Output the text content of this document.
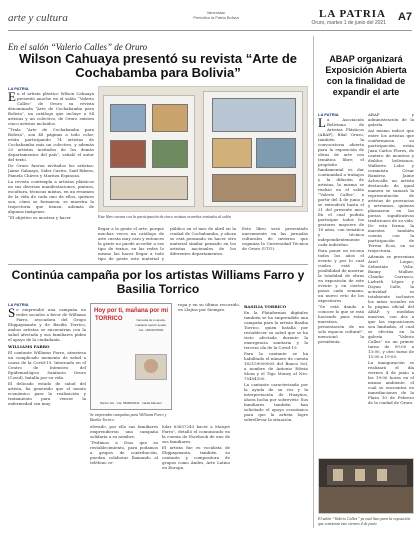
arte y cultura	Vanenstac
Periódico la Patria Bolivia	LA PATRIA
Oruro, martes 1 de junio del 2021 A7
En el salón “Valerio Calles” de Oruro
Wilson Cahuaya presentó su revista “Arte de Cochabamba para Bolivia”
LA PATRIA
E n el artista plástico Wilson Cahuaya presentó anoche en el salón “Valerio Calles” de Oruro su revista denominada “Arte de Cochabamba para Bolivia”, un catálogo que incluye a 94 artistas y un colectivo, de Oruro existen cinco artistas incluidos.

“Trala “Arte de Cochabamba para Bolivia”, son 48 páginas a todo color, están participando 74 artistas de Cochabamba más un colectivo, y además 20 artistas invitados de los demás departamentos del país”, señaló el autor del texto.

De Oruro fueron invitados los artistas: Jaime Gabaayo, Sider Castro, Saíd Ribera, Pamela Chávez y Maritza Espinoza.

La revista contempla a artistas plásticos en sus diversas manifestaciones, pintura, escultura, técnicas mixtas, en un resumen de la vida de cada uno de ellos, quiénes son, cómo se formaron, se muestra la trayectoria que tienen, además de algunas imágenes.

“El objetivo es mostrar y hacer	Este libro cuenta con la participación de cinco artistas orureños invitados al salón

llegar a la gente el arte, porque muchas veces un catálogo de arte cuesta muy caro y entonces la gente no puede acceder a ese tipo de textos, en las redes lo mismo las hacer llegar a todo tipo de gente este material y

público en el mes de abril en la ciudad de Cochabamba, y ahora se está pensando en hacer otro material similar pensado en los artistas nacionales de los diferentes departamentos.

Este libro será presentado nuevamente en las jornadas culturales de invierno que organiza la Universidad Técnica de Oruro (UTO).

ABAP organizará Exposición Abierta con la finalidad de expandir el arte
LA PATRIA
L a Asociación Boliviana de Artistas Plásticos (ABAP), filial Oruro, también la convocatoria abierta para la exposición de obras de arte con temática libre; el propósito fundamental es dar continuidad a trabajos y la difusión de artistas, la misma se realizó en el salón “Valerio Calles”, a partir del 4 de junio y se extenderá hasta el 21 del presente mes. En el cual podrán participar todos los gestores mayores de 18 años, con temática y técnica independientemente cada individuo.

Para poner en escena todos los años el evento y por lo cual cuales está la posibilidad de mostrar la totalidad de obras en exposición de este evento y en ciertos pasos cada semana, un nuevo reto de los expositores.

“Se está dando a conocer lo que se está haciendo para estas muestras, presentación de un solo espacio cultural”, mencionó la presidenta.

ABAP y administración de la galería.

Así mismo indicó que entre los artistas que conformaron su participación, están Juan Carlos Flores, de cantero de montera y diablos bolivianos, Walberto Lobo y ceramista César Ramírez, Jaime Achocalla un artista destacado de igual manera se sumará la representación de artistas de provincias y artesanos, quienes plasmaron en las piezas significativas tradiciones de su vida. De esta forma, la muestra también cuenta con la participación de Teresa Ecos, en su trayectoria.

Además se presentan Ariel Luque, Sebastián Veliz, Banny Mulher, Claudio Carrasco, Lizbeth López y Dayan Calle, la actividad es totalmente inclusive los niños sociales en la página oficial del ABAP, y medidas masivas, con dos a que las exposiciones son limitadas, el cual se efectúa en la galería “Valerio Calles” en un primer turno de 09:00 a 13:00, y otro turno de 15:00 a 19:00.

La inauguración se realizará el día viernes 4 de junio a las 19:00 horas en el mismo ambiente, el cual se encuentra en inmediaciones de la Plaza 10 de Febrero de la ciudad de Oruro.

El salón “Valerio Calles” ya está listo para la exposición que comienza este viernes 4 de junio
Continúa campaña por los artistas Williams Farro y Basilia Torrico
LA PATRIA
S e emprendió una campaña en redes sociales a favor de Williams Farro, avocadora del Grupo Elqipaymanta y de Basilia Torrico; ambos artistas se encuentran con la salud afectada y sus familiares piden el apoyo de la ciudadanía.

WILLIAMS FARRO

El cantante Williams Farro, atraviesa un complicado momento de salud a causa de la Covid-19. Internado en el Centro de Intensivo del Epidemiológico Sanitario Oruro (Covid), batalla por su vida.

El delicado estado de salud del artista, ha generado que el monto económico para la realización y tratamiento para vencer la enfermedad sea muy

Hoy por ti, mañana por mí
TORRICO	Necesita de tu ayuda, cualquier aporte ayuda. Cel. +5822370500
Banco Sol · Cta. 5828000441 · Nadia Mamani
Se emprenden campañas para Williams Farro y Basilia Torrico

elevado, por ello sus familiares emprendieron una campaña solidaria a su nombre.

“Pedimos a Dios que su restablecimiento, para podamos a grupos de contribución, puedan colaborar llamando al teléfono ce-

lular 63637243 hacer a Margot Farro”, detalló el comunicado en la cuenta de Facebook de uno de sus familiares.

El artista fue es vocalista de Elqipaymanta, también su cantante y compositora de grupos como Andes, Arte Latino en Europa.

ropa y en su último recorrido, en Llajtas por Siempre.

BASILIA TORRICO

En la Plataformas digitales también se ha emprendido una campaña para la artista Basilia Torrico, quien batalla por restablecer su salud que se ha visto afectada durante la emergencia sanitaria y la tercera ola de la Covid-19.

Para la cantante se ha habilitado el número de cuenta 182159000005 del Banco Sol, a nombre de Antonio Edwin Mora y el Tigo Money al Nro. 75404100.

La cantante caracterizada por la ayuda de su voz y la interpretación de Huayños, ahora lucha por sobrevivir. Sus familiares también han solicitado el apoyo económico para que la artista logre sobrellevar la situación.
